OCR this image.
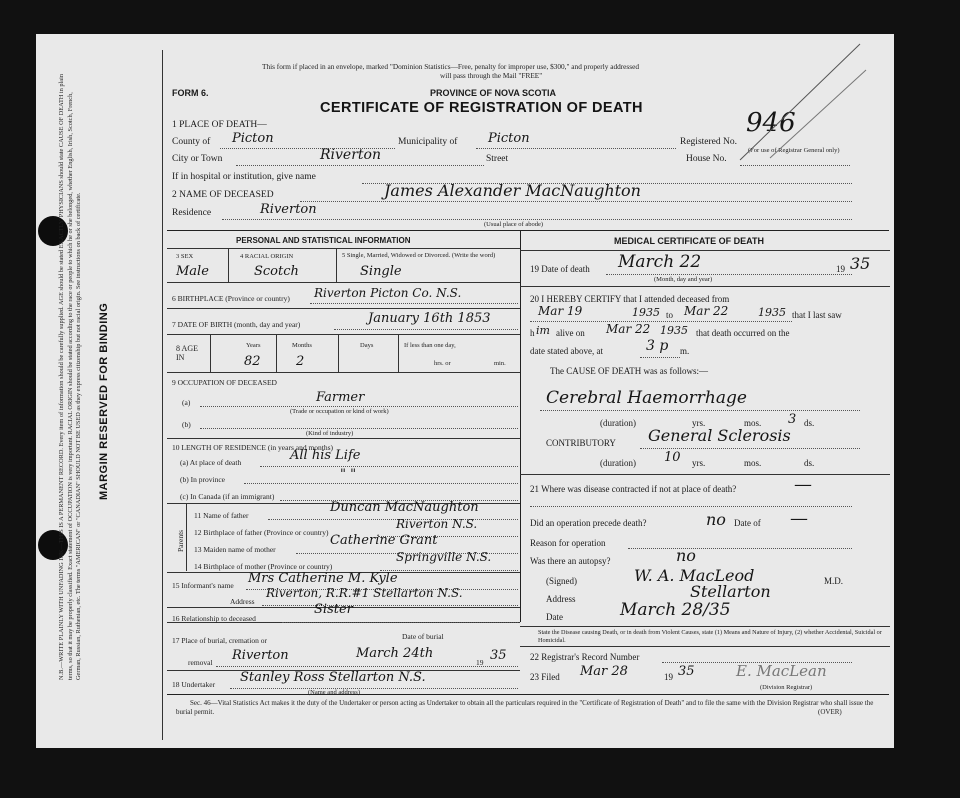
N.B.—WRITE PLAINLY WITH UNFADING INK—THIS IS A PERMANENT RECORD. Every item of information should be carefully supplied. AGE should be stated EXACTLY. PHYSICIANS should state CAUSE OF DEATH in plain terms, so that it may be properly classified. Exact statement of OCCUPATION is very important. RACIAL ORIGIN should be stated according to the race or people to which he or she belonged, whether English, Irish, Scotch, French, German, Russian, Ruthenian, etc. The terms "AMERICAN" or "CANADIAN" SHOULD NOT BE USED as they express citizenship but not racial origin. See instructions on back of certificate. MARGIN RESERVED FOR BINDING
This form if placed in an envelope, marked "Dominion Statistics—Free, penalty for improper use, $300," and properly addressed
will pass through the Mail "FREE"
FORM 6.	PROVINCE OF NOVA SCOTIA
CERTIFICATE OF REGISTRATION OF DEATH
1 PLACE OF DEATH—
County of Picton	Municipality of Picton	Registered No.
946
(For use of Registrar General only)
City or Town	Riverton	Street	House No.
If in hospital or institution, give name
2 NAME OF DECEASED	James Alexander MacNaughton
Residence	Riverton
(Usual place of abode)
PERSONAL AND STATISTICAL INFORMATION
3 SEX	4 RACIAL ORIGIN	5 Single, Married, Widowed or Divorced. (Write the word)
Male	Scotch	Single
6 BIRTHPLACE (Province or country) Riverton Picton Co. N.S.
7 DATE OF BIRTH (month, day and year)	January 16th 1853
8 AGE IN
Years
82
Months
2
Days	If less than one day,
hrs. or	min.
9 OCCUPATION OF DECEASED
(a)	Farmer
(Trade or occupation or kind of work)
(b)
(Kind of industry)
10 LENGTH OF RESIDENCE (in years and months)
(a) At place of death	All his Life
(b) In province	" "
(c) In Canada (if an immigrant)
Parents
11 Name of father
Duncan MacNaughton
12 Birthplace of father (Province or country)
Riverton N.S.
13 Maiden name of mother
Catherine Grant
14 Birthplace of mother (Province or country)
Springville N.S.
15 Informant's name Mrs Catherine M. Kyle
Address
Riverton, R.R.#1 Stellarton N.S.
16 Relationship to deceased
Sister
17 Place of burial, cremation or	Date of burial
removal Riverton	March 24th
19 35
18 Undertaker Stanley Ross Stellarton N.S.
(Name and address)
MEDICAL CERTIFICATE OF DEATH
19 Date of death March 22	19 35
(Month, day and year)
20 I HEREBY CERTIFY that I attended deceased from
Mar 19	1935 to Mar 22	1935 that I last saw
h im alive on Mar 22 1935 that death occurred on the
date stated above, at	3 p m.
The CAUSE OF DEATH was as follows:—
Cerebral Haemorrhage
(duration)	yrs.	mos. 3 ds.
CONTRIBUTORY General Sclerosis
(duration) 10 yrs.	mos.	ds.
21 Where was disease contracted if not at place of death?	—
Did an operation precede death?	no Date of —
Reason for operation
Was there an autopsy?	no
(Signed)	W. A. MacLeod	M.D.
Address	Stellarton
Date	March 28/35
State the Disease causing Death, or in death from Violent Causes, state (1) Means and Nature of Injury, (2) whether Accidental, Suicidal or Homicidal.
22 Registrar's Record Number
23 Filed Mar 28	19 35	E. MacLean
(Division Registrar)
Sec. 46—Vital Statistics Act makes it the duty of the Undertaker or person acting as Undertaker to obtain all the particulars required in the "Certificate of Registration of Death" and to file the same with the Division Registrar who shall issue the burial permit.	(OVER)
